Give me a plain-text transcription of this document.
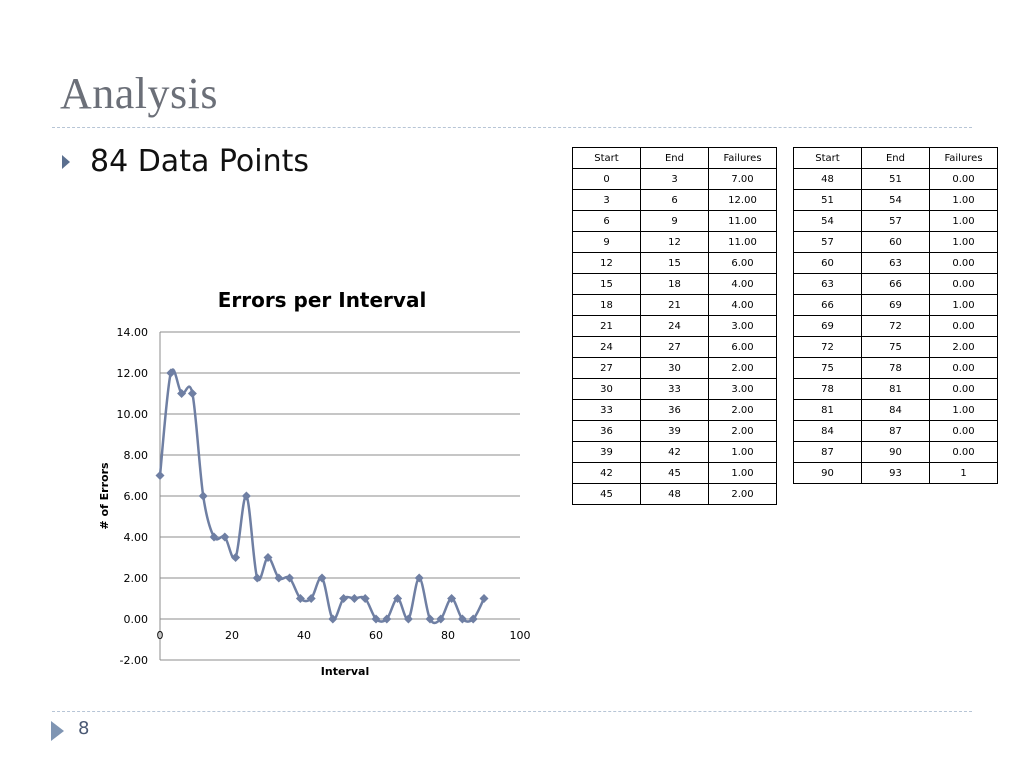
Analysis
84 Data Points
Errors per Interval
-2.00
0.00
2.00
4.00
6.00
8.00
10.00
12.00
14.00
0	20	40	60	80	100
Interval
# of Errors
Start	End	Failures
0	3	7.00
3	6	12.00
6	9	11.00
9	12	11.00
12	15	6.00
15	18	4.00
18	21	4.00
21	24	3.00
24	27	6.00
27	30	2.00
30	33	3.00
33	36	2.00
36	39	2.00
39	42	1.00
42	45	1.00
45	48	2.00
Start	End	Failures
48	51	0.00
51	54	1.00
54	57	1.00
57	60	1.00
60	63	0.00
63	66	0.00
66	69	1.00
69	72	0.00
72	75	2.00
75	78	0.00
78	81	0.00
81	84	1.00
84	87	0.00
87	90	0.00
90	93	1
8
